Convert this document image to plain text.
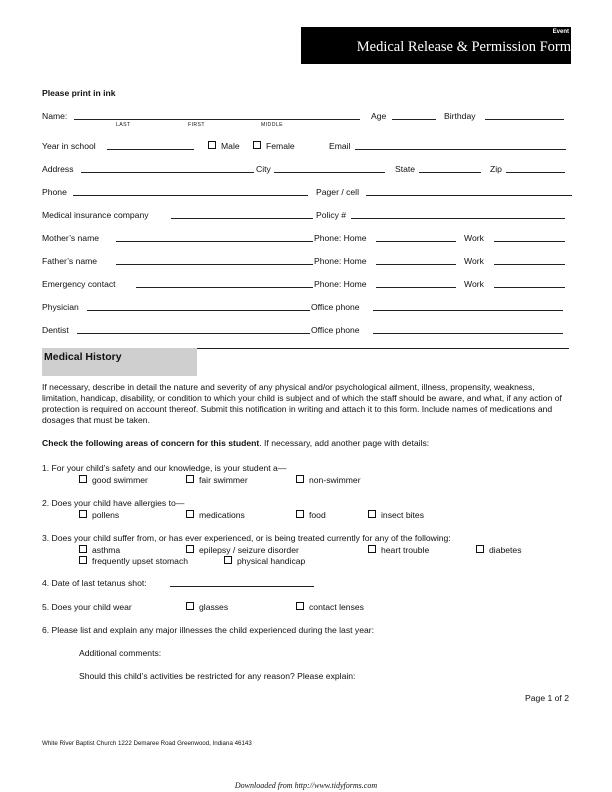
Event
Medical Release & Permission Form
Please print in ink
Name:
LAST	FIRST	MIDDLE
Age	Birthday
Year in school	Male	Female	Email
Address	City	State	Zip
Phone	Pager / cell
Medical insurance company	Policy #
Mother’s name	Phone: Home	Work
Father’s name	Phone: Home	Work
Emergency contact	Phone: Home	Work
Physician	Office phone
Dentist	Office phone
Medical History
If necessary, describe in detail the nature and severity of any physical and/or psychological ailment, illness, propensity, weakness, limitation, handicap, disability, or condition to which your child is subject and of which the staff should be aware, and what, if any action of protection is required on account thereof. Submit this notification in writing and attach it to this form. Include names of medications and dosages that must be taken.
Check the following areas of concern for this student. If necessary, add another page with details:
1. For your child’s safety and our knowledge, is your student a—
good swimmer	fair swimmer	non-swimmer
2. Does your child have allergies to—
pollens	medications	food	insect bites
3. Does your child suffer from, or has ever experienced, or is being treated currently for any of the following:
asthma	epilepsy / seizure disorder	heart trouble	diabetes
frequently upset stomach	physical handicap
4. Date of last tetanus shot:
5. Does your child wear	glasses	contact lenses
6. Please list and explain any major illnesses the child experienced during the last year:
Additional comments:
Should this child’s activities be restricted for any reason? Please explain:
Page 1 of 2
White River Baptist Church 1222 Demaree Road Greenwood, Indiana 46143
Downloaded from http://www.tidyforms.com
